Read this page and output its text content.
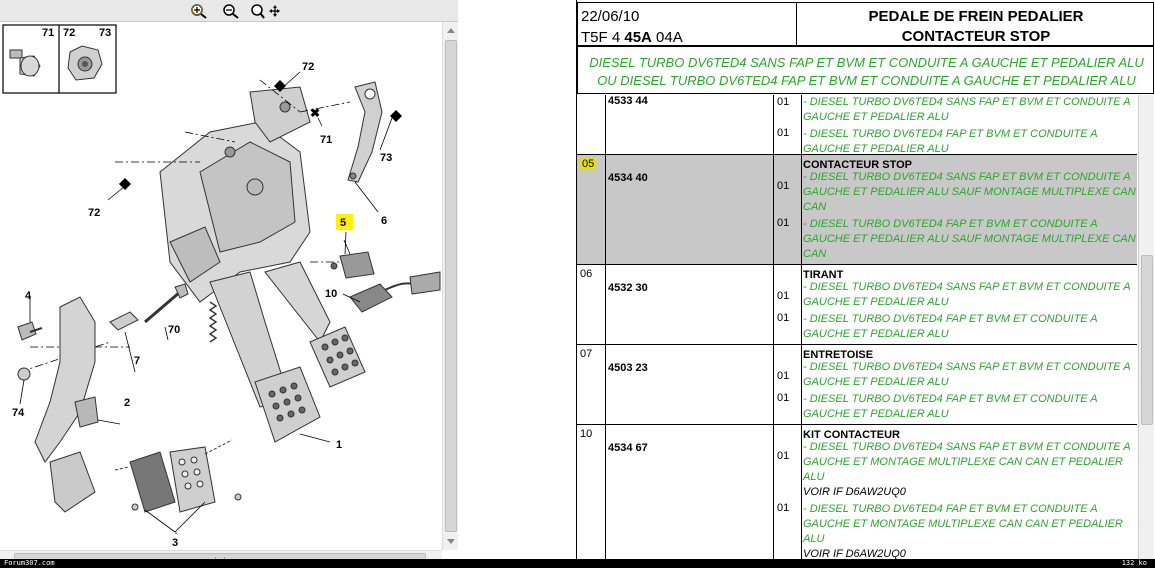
71 72 73
✖
72
71
73
72
6
5
10
4
70
7
2
74
1
3
Forum307.com	132 ko
22/06/10
T5F 4 45A 04A
PEDALE DE FREIN PEDALIER
CONTACTEUR STOP
DIESEL TURBO DV6TED4 SANS FAP ET BVM ET CONDUITE A GAUCHE ET PEDALIER ALU
OU DIESEL TURBO DV6TED4 FAP ET BVM ET CONDUITE A GAUCHE ET PEDALIER ALU
4533 44	01 - DIESEL TURBO DV6TED4 SANS FAP ET BVM ET CONDUITE A
GAUCHE ET PEDALIER ALU
01 - DIESEL TURBO DV6TED4 FAP ET BVM ET CONDUITE A
GAUCHE ET PEDALIER ALU
05
4534 40
CONTACTEUR STOP
01
- DIESEL TURBO DV6TED4 SANS FAP ET BVM ET CONDUITE A
GAUCHE ET PEDALIER ALU SAUF MONTAGE MULTIPLEXE CAN
CAN
01 - DIESEL TURBO DV6TED4 FAP ET BVM ET CONDUITE A
GAUCHE ET PEDALIER ALU SAUF MONTAGE MULTIPLEXE CAN
CAN
06
4532 30
TIRANT
01
- DIESEL TURBO DV6TED4 SANS FAP ET BVM ET CONDUITE A
GAUCHE ET PEDALIER ALU
01 - DIESEL TURBO DV6TED4 FAP ET BVM ET CONDUITE A
GAUCHE ET PEDALIER ALU
07
4503 23
ENTRETOISE
01
- DIESEL TURBO DV6TED4 SANS FAP ET BVM ET CONDUITE A
GAUCHE ET PEDALIER ALU
01 - DIESEL TURBO DV6TED4 FAP ET BVM ET CONDUITE A
GAUCHE ET PEDALIER ALU
10
4534 67
KIT CONTACTEUR
01
- DIESEL TURBO DV6TED4 SANS FAP ET BVM ET CONDUITE A
GAUCHE ET MONTAGE MULTIPLEXE CAN CAN ET PEDALIER
ALU
VOIR IF D6AW2UQ0
01 - DIESEL TURBO DV6TED4 FAP ET BVM ET CONDUITE A
GAUCHE ET MONTAGE MULTIPLEXE CAN CAN ET PEDALIER
ALU
VOIR IF D6AW2UQ0
